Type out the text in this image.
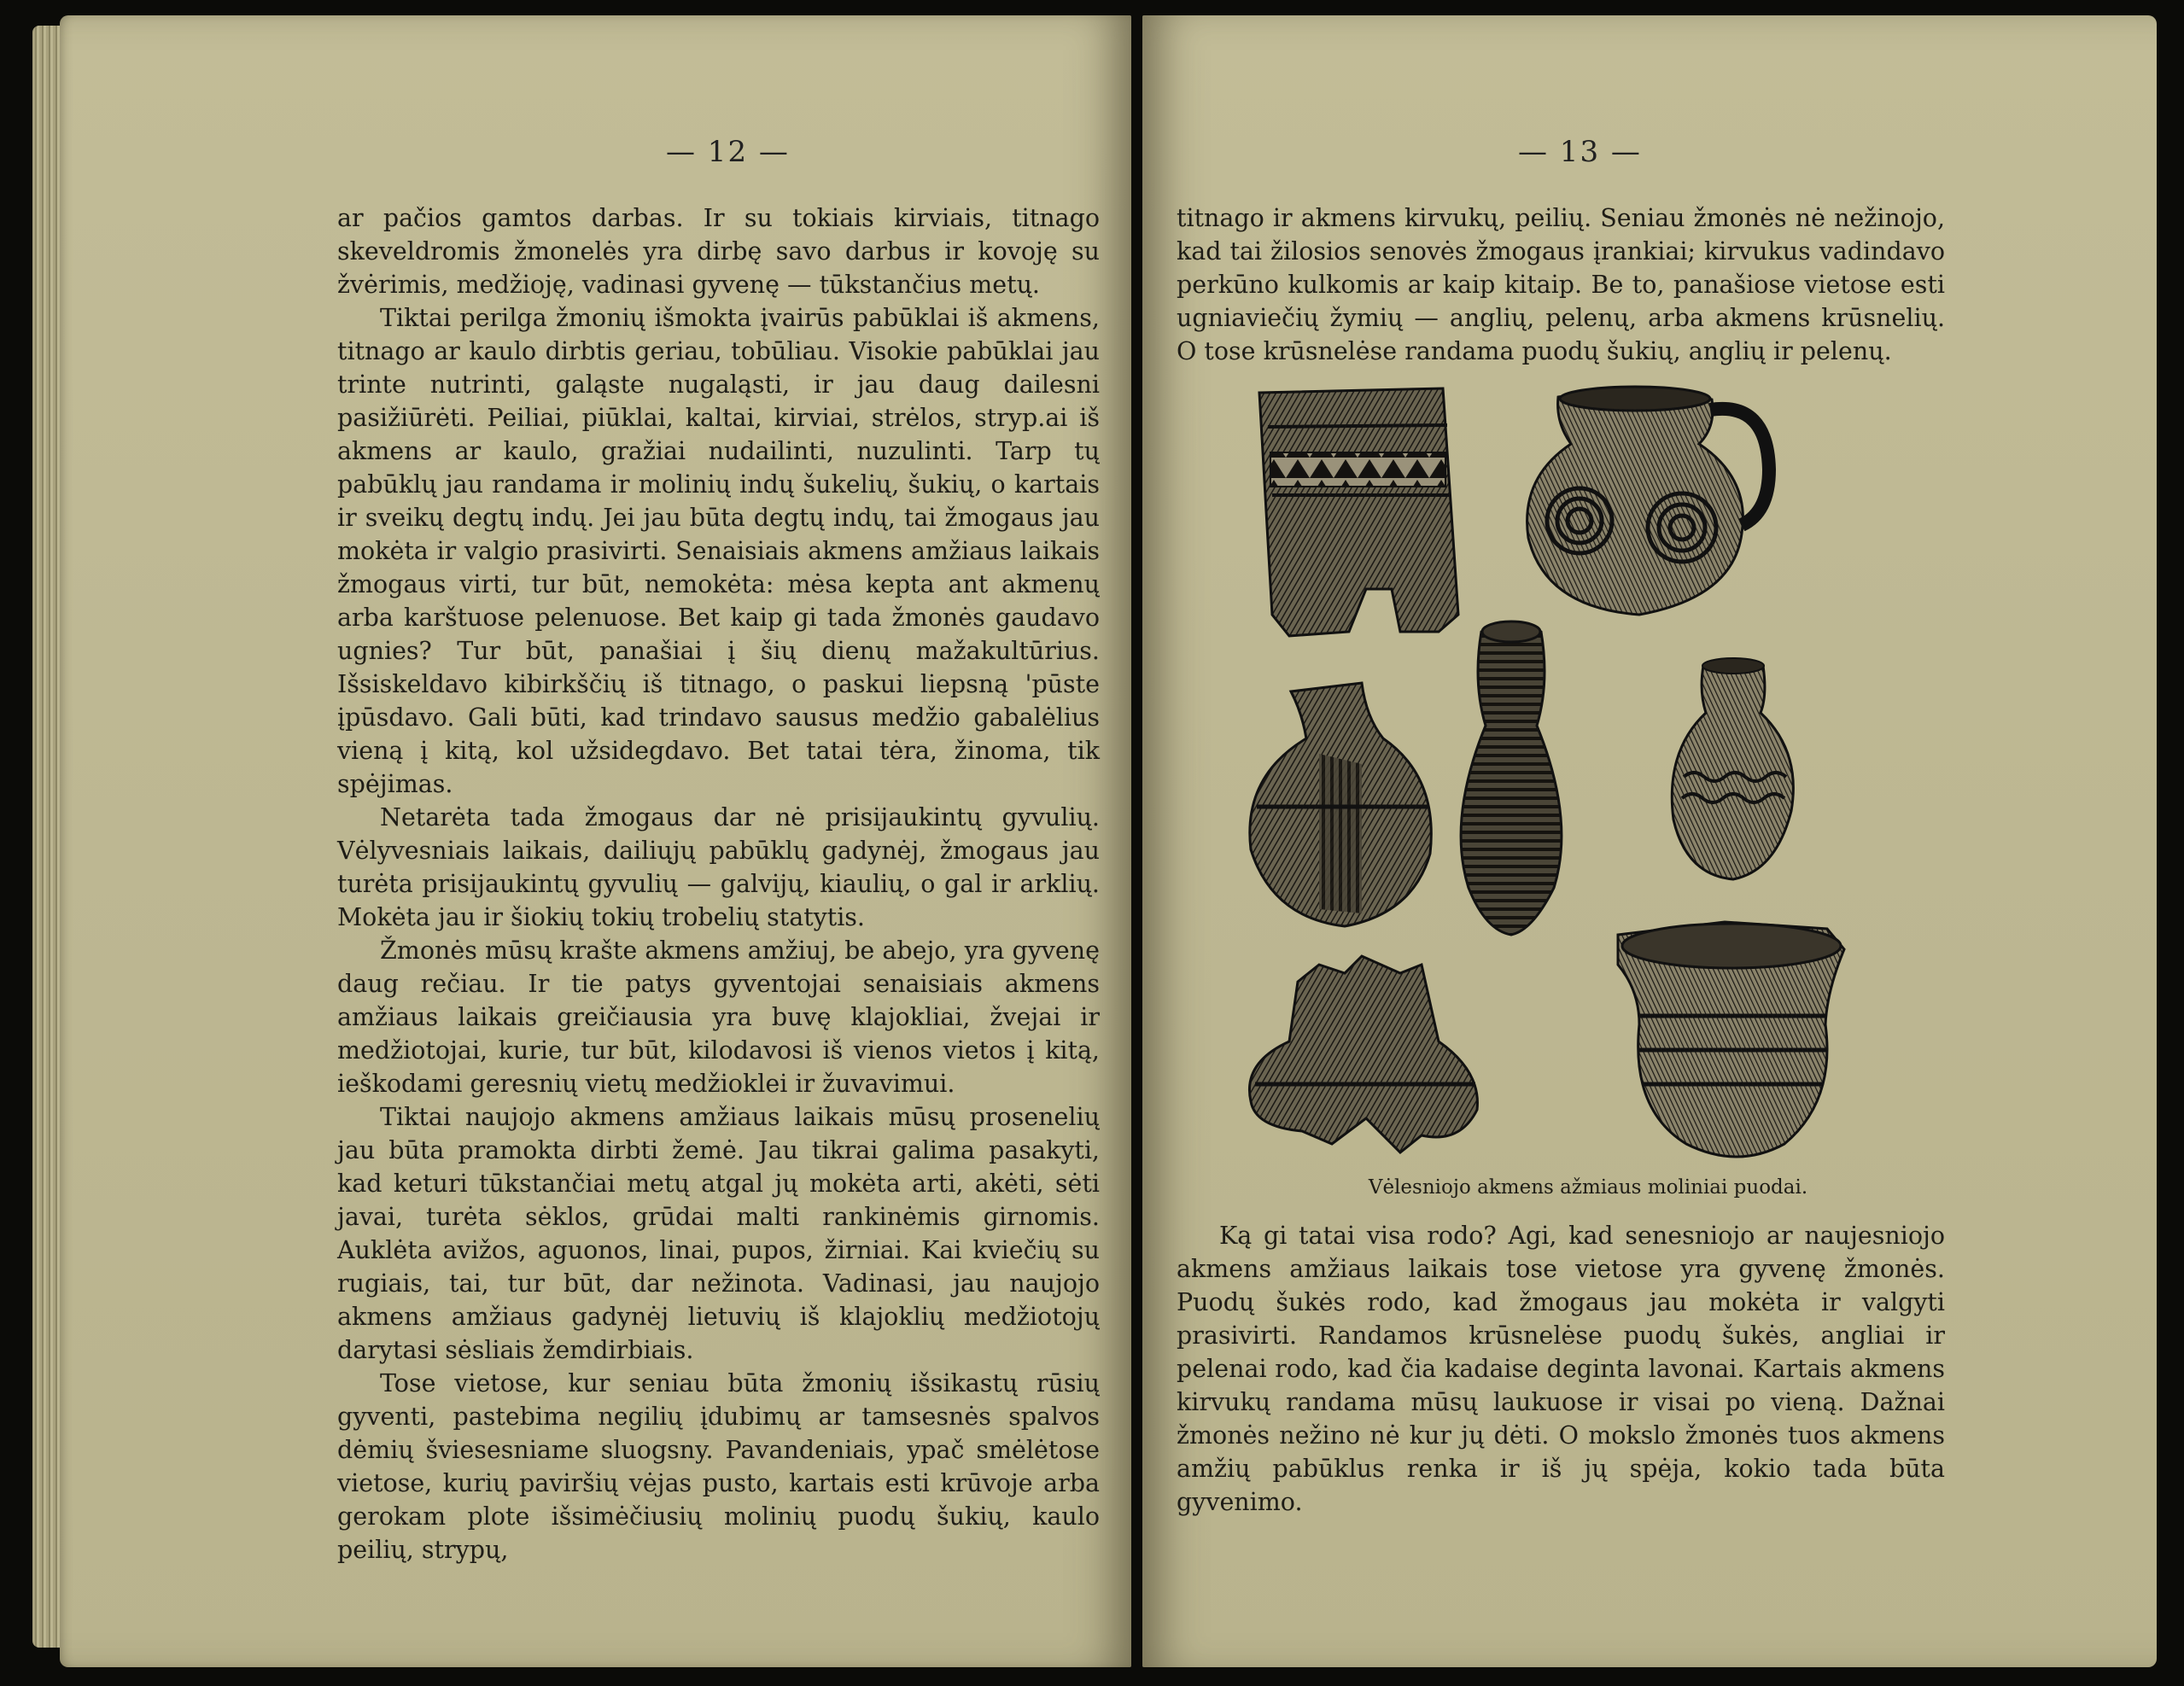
— 12 —

ar pačios gamtos darbas. Ir su tokiais kirviais, titnago skeveldromis žmonelės yra dirbę savo darbus ir kovoję su žvėrimis, medžioję, vadinasi gyvenę — tūkstančius metų.

Tiktai perilga žmonių išmokta įvairūs pabūklai iš akmens, titnago ar kaulo dirbtis geriau, tobūliau. Visokie pabūklai jau trinte nutrinti, galąste nugaląsti, ir jau daug dailesni pasižiūrėti. Peiliai, piūklai, kaltai, kirviai, strėlos, stryp.ai iš akmens ar kaulo, gražiai nudailinti, nuzulinti. Tarp tų pabūklų jau randama ir molinių indų šukelių, šukių, o kartais ir sveikų degtų indų. Jei jau būta degtų indų, tai žmogaus jau mokėta ir valgio prasivirti. Senaisiais akmens amžiaus laikais žmogaus virti, tur būt, nemokėta: mėsa kepta ant akmenų arba karštuose pelenuose. Bet kaip gi tada žmonės gaudavo ugnies? Tur būt, panašiai į šių dienų mažakultūrius. Išsiskeldavo kibirkščių iš titnago, o paskui liepsną 'pūste įpūsdavo. Gali būti, kad trindavo sausus medžio gabalėlius vieną į kitą, kol užsidegdavo. Bet tatai tėra, žinoma, tik spėjimas.

Netarėta tada žmogaus dar nė prisijaukintų gyvulių. Vėlyvesniais laikais, dailiųjų pabūklų gadynėj, žmogaus jau turėta prisijaukintų gyvulių — galvijų, kiaulių, o gal ir arklių. Mokėta jau ir šiokių tokių trobelių statytis.

Žmonės mūsų krašte akmens amžiuj, be abejo, yra gyvenę daug rečiau. Ir tie patys gyventojai senaisiais akmens amžiaus laikais greičiausia yra buvę klajokliai, žvejai ir medžiotojai, kurie, tur būt, kilodavosi iš vienos vietos į kitą, ieškodami geresnių vietų medžioklei ir žuvavimui.

Tiktai naujojo akmens amžiaus laikais mūsų prosenelių jau būta pramokta dirbti žemė. Jau tikrai galima pasakyti, kad keturi tūkstančiai metų atgal jų mokėta arti, akėti, sėti javai, turėta sėklos, grūdai malti rankinėmis girnomis. Auklėta avižos, aguonos, linai, pupos, žirniai. Kai kviečių su rugiais, tai, tur būt, dar nežinota. Vadinasi, jau naujojo akmens amžiaus gadynėj lietuvių iš klajoklių medžiotojų darytasi sėsliais žemdirbiais.

Tose vietose, kur seniau būta žmonių išsikastų rūsių gyventi, pastebima negilių įdubimų ar tamsesnės spalvos dėmių šviesesniame sluogsny. Pavandeniais, ypač smėlėtose vietose, kurių paviršių vėjas pusto, kartais esti krūvoje arba gerokam plote išsimėčiusių molinių puodų šukių, kaulo peilių, strypų,

— 13 —

titnago ir akmens kirvukų, peilių. Seniau žmonės nė nežinojo, kad tai žilosios senovės žmogaus įrankiai; kirvukus vadindavo perkūno kulkomis ar kaip kitaip. Be to, panašiose vietose esti ugniaviečių žymių — anglių, pelenų, arba akmens krūsnelių. O tose krūsnelėse randama puodų šukių, anglių ir pelenų.

Vėlesniojo akmens ažmiaus moliniai puodai.

Ką gi tatai visa rodo? Agi, kad senesniojo ar naujesniojo akmens amžiaus laikais tose vietose yra gyvenę žmonės. Puodų šukės rodo, kad žmogaus jau mokėta ir valgyti prasivirti. Randamos krūsnelėse puodų šukės, angliai ir pelenai rodo, kad čia kadaise deginta lavonai. Kartais akmens kirvukų randama mūsų laukuose ir visai po vieną. Dažnai žmonės nežino nė kur jų dėti. O mokslo žmonės tuos akmens amžių pabūklus renka ir iš jų spėja, kokio tada būta gyvenimo.
